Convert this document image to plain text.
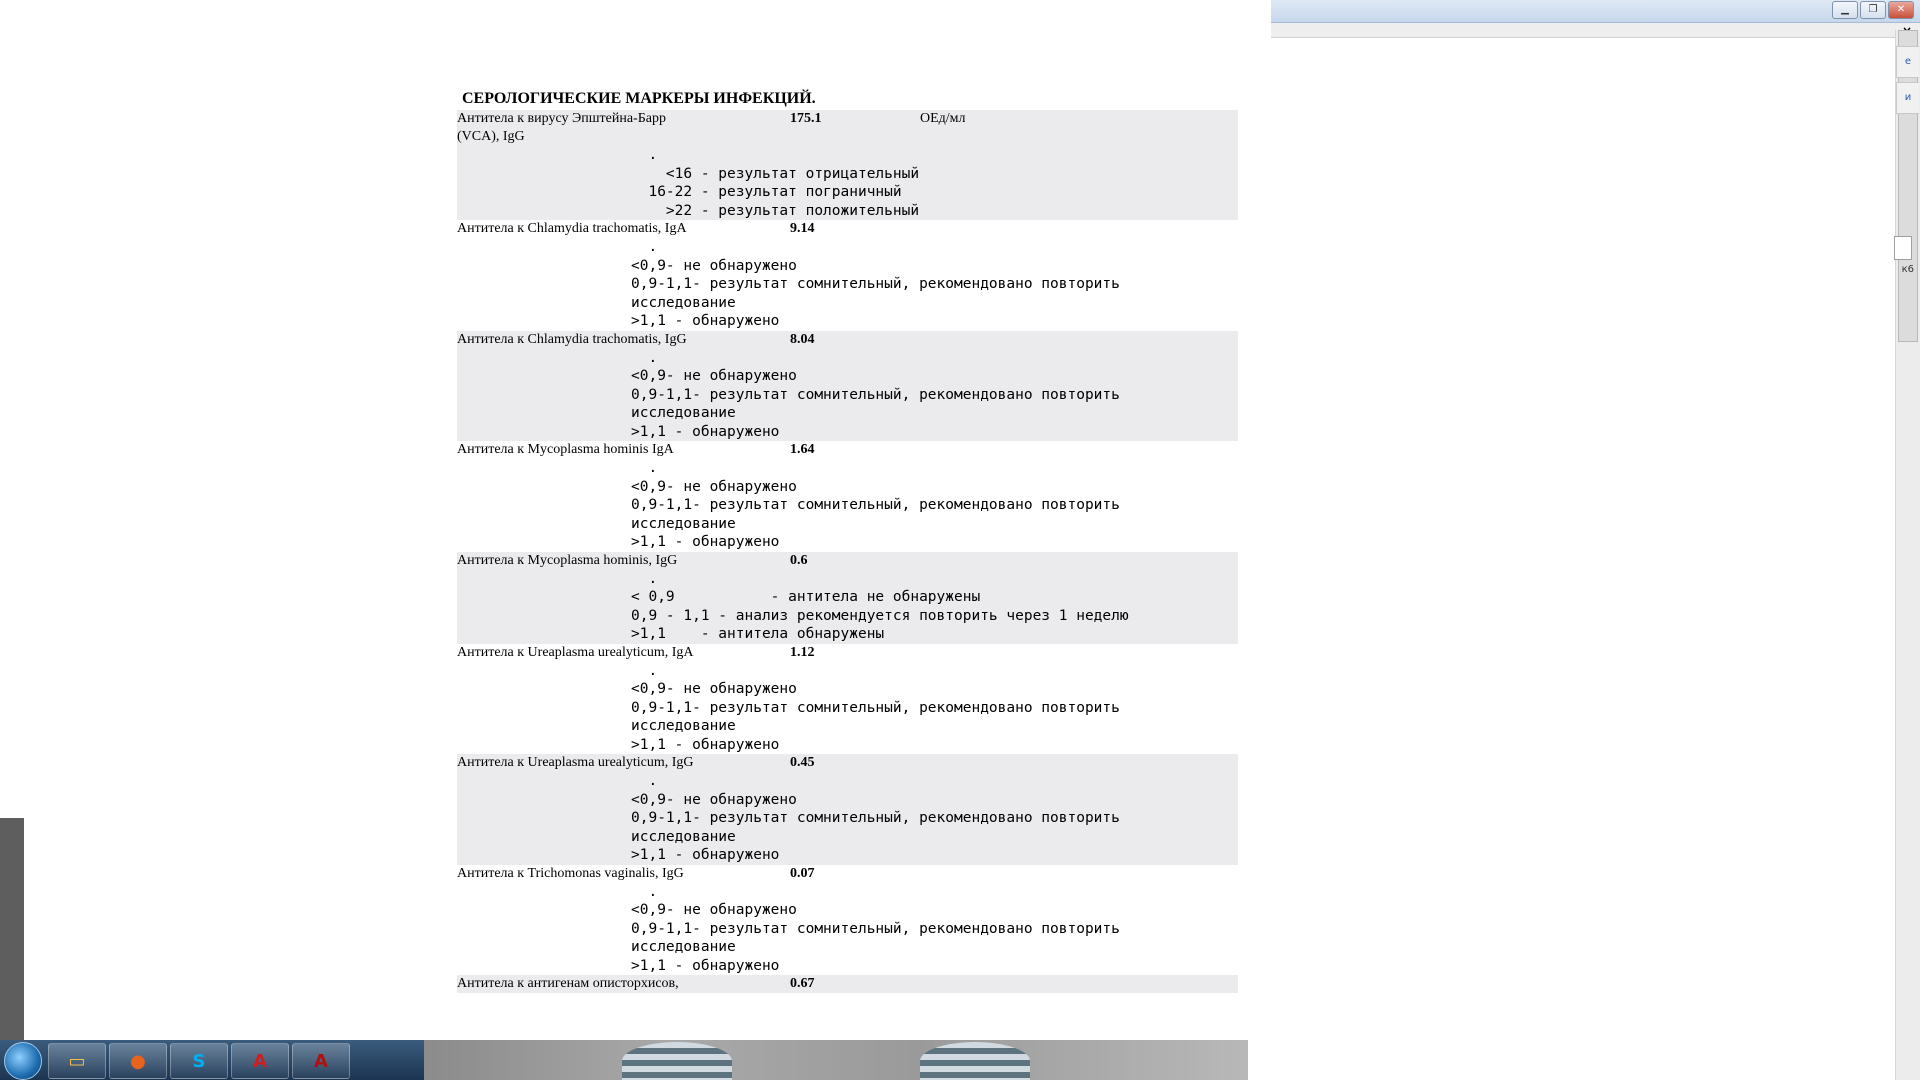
▁	❐	✕
е
и
к6
▭ ●	S	A	A
СЕРОЛОГИЧЕСКИЕ МАРКЕРЫ ИНФЕКЦИЙ.
Антитела к вирусу Эпштейна-Барр	175.1	ОЕд/мл
(VCA), IgG
.
<16 - результат отрицательный
16-22 - результат пограничный
>22 - результат положительный
Антитела к Chlamydia trachomatis, IgA	9.14
.
<0,9- не обнаружено
0,9-1,1- результат сомнительный, рекомендовано повторить
исследование
>1,1 - обнаружено
Антитела к Chlamydia trachomatis, IgG	8.04
.
<0,9- не обнаружено
0,9-1,1- результат сомнительный, рекомендовано повторить
исследование
>1,1 - обнаружено
Антитела к Mycoplasma hominis IgA	1.64
.
<0,9- не обнаружено
0,9-1,1- результат сомнительный, рекомендовано повторить
исследование
>1,1 - обнаружено
Антитела к Mycoplasma hominis, IgG	0.6
.
< 0,9           - антитела не обнаружены
0,9 - 1,1 - анализ рекомендуется повторить через 1 неделю
>1,1    - антитела обнаружены
Антитела к Ureaplasma urealyticum, IgA	1.12
.
<0,9- не обнаружено
0,9-1,1- результат сомнительный, рекомендовано повторить
исследование
>1,1 - обнаружено
Антитела к Ureaplasma urealyticum, IgG	0.45
.
<0,9- не обнаружено
0,9-1,1- результат сомнительный, рекомендовано повторить
исследование
>1,1 - обнаружено
Антитела к Trichomonas vaginalis, IgG	0.07
.
<0,9- не обнаружено
0,9-1,1- результат сомнительный, рекомендовано повторить
исследование
>1,1 - обнаружено
Антитела к антигенам описторхисов,	0.67
